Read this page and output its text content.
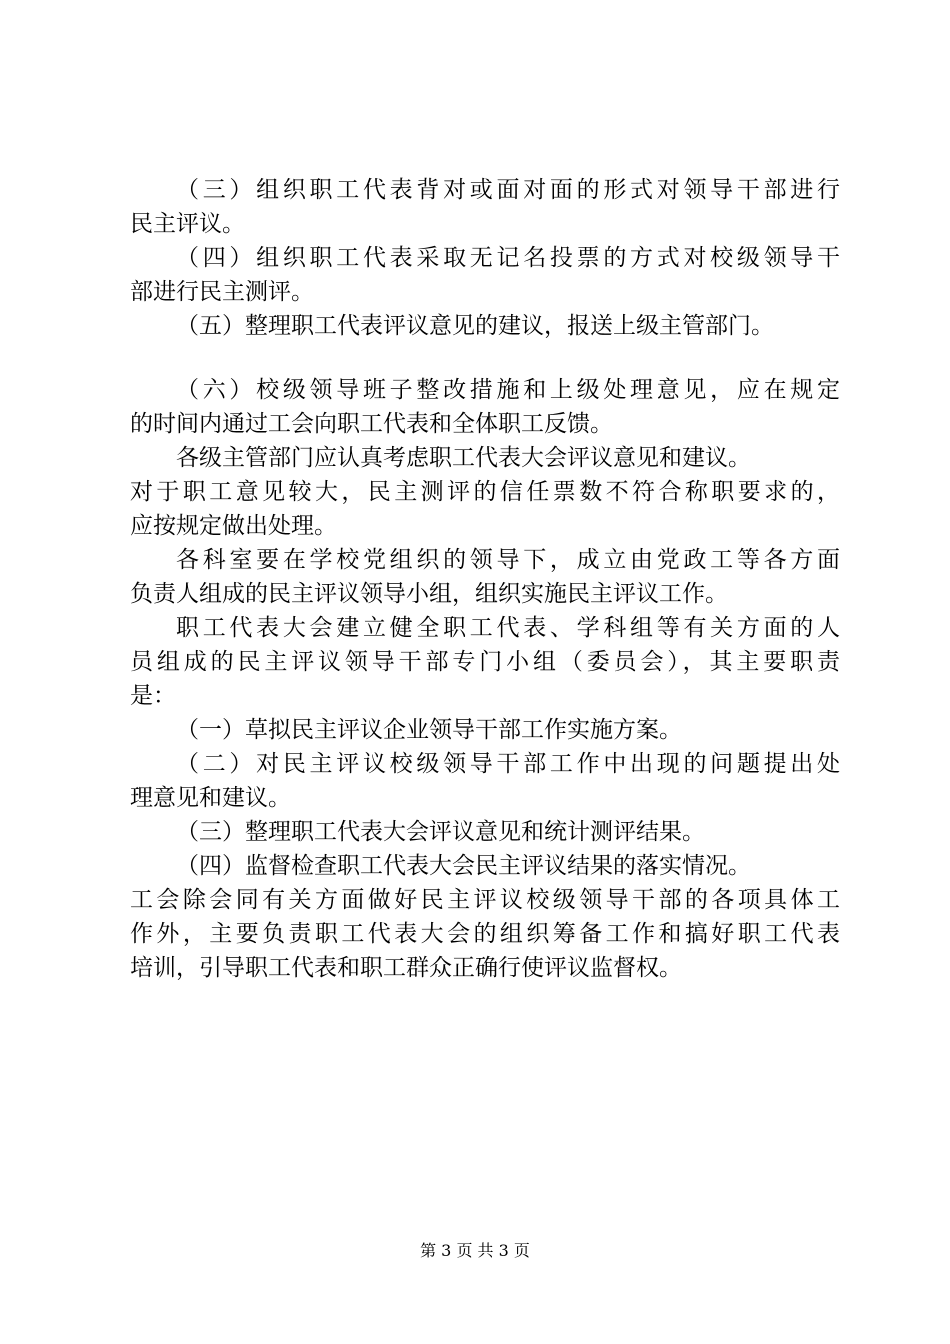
（三）组织职工代表背对或面对面的形式对领导干部进行
民主评议。
（四）组织职工代表采取无记名投票的方式对校级领导干
部进行民主测评。
（五）整理职工代表评议意见的建议，报送上级主管部门。
（六）校级领导班子整改措施和上级处理意见，应在规定
的时间内通过工会向职工代表和全体职工反馈。
各级主管部门应认真考虑职工代表大会评议意见和建议。
对于职工意见较大，民主测评的信任票数不符合称职要求的，
应按规定做出处理。
各科室要在学校党组织的领导下，成立由党政工等各方面
负责人组成的民主评议领导小组，组织实施民主评议工作。
职工代表大会建立健全职工代表、学科组等有关方面的人
员组成的民主评议领导干部专门小组（委员会），其主要职责
是：
（一）草拟民主评议企业领导干部工作实施方案。
（二）对民主评议校级领导干部工作中出现的问题提出处
理意见和建议。
（三）整理职工代表大会评议意见和统计测评结果。
（四）监督检查职工代表大会民主评议结果的落实情况。
工会除会同有关方面做好民主评议校级领导干部的各项具体工
作外，主要负责职工代表大会的组织筹备工作和搞好职工代表
培训，引导职工代表和职工群众正确行使评议监督权。
第 3 页 共 3 页
